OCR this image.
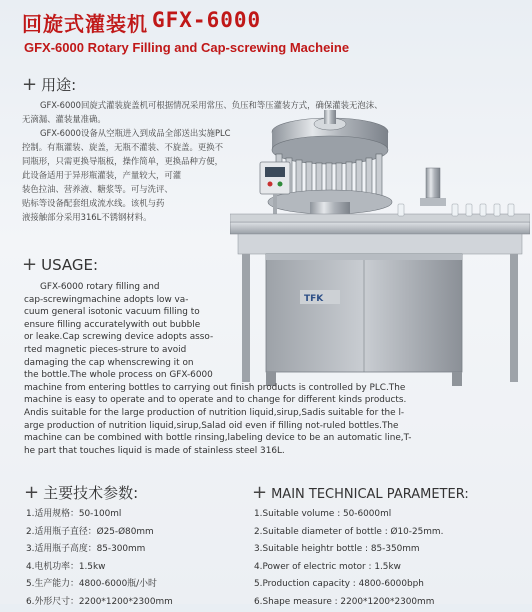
回旋式灌装机 GFX-6000
GFX-6000 Rotary Filling and Cap-screwing Macheine
TFK
+ 用途:
GFX-6000回旋式灌装旋盖机可根据情况采用常压、负压和等压灌装方式，确保灌装无泡沫、
无滴漏、灌装量准确。
GFX-6000设备从空瓶进入到成品全部送出实施PLC
控制。有瓶灌装、旋盖，无瓶不灌装、不旋盖。更换不
同瓶形，只需更换导瓶板，操作简单，更换品种方便，
此设备适用于异形瓶灌装，产量较大，可灌
装色拉油、营养液、糖浆等。可与洗评、
贴标等设备配套组成流水线。该机与药
液接触部分采用316L不锈钢材料。
+ USAGE:
GFX-6000 rotary filling and
cap-screwingmachine adopts low va-
cuum general isotonic vacuum filling to
ensure filling accuratelywith out bubble
or leake.Cap screwing device adopts asso-
rted magnetic pieces-strure to avoid
damaging the cap whenscrewing it on
the bottle.The whole process on GFX-6000
machine from entering bottles to carrying out finish products is controlled by PLC.The
machine is easy to operate and to operate and to change for different kinds products.
Andis suitable for the large production of nutrition liquid,sirup,Sadis suitable for the l-
arge production of nutrition liquid,sirup,Salad oid even if filling not-ruled bottles.The
machine can be combined with bottle rinsing,labeling device to be an automatic line,T-
he part that touches liquid is made of stainless steel 316L.
+ 主要技术参数:
1.适用规格：50-100ml
2.适用瓶子直径：Ø25-Ø80mm
3.适用瓶子高度：85-300mm
4.电机功率：1.5kw
5.生产能力：4800-6000瓶/小时
6.外形尺寸：2200*1200*2300mm
+ MAIN TECHNICAL PARAMETER:
1.Suitable volume : 50-6000ml
2.Suitable diameter of bottle : Ø10-25mm.
3.Suitable heightr bottle : 85-350mm
4.Power of electric motor : 1.5kw
5.Production capacity : 4800-6000bph
6.Shape measure : 2200*1200*2300mm
